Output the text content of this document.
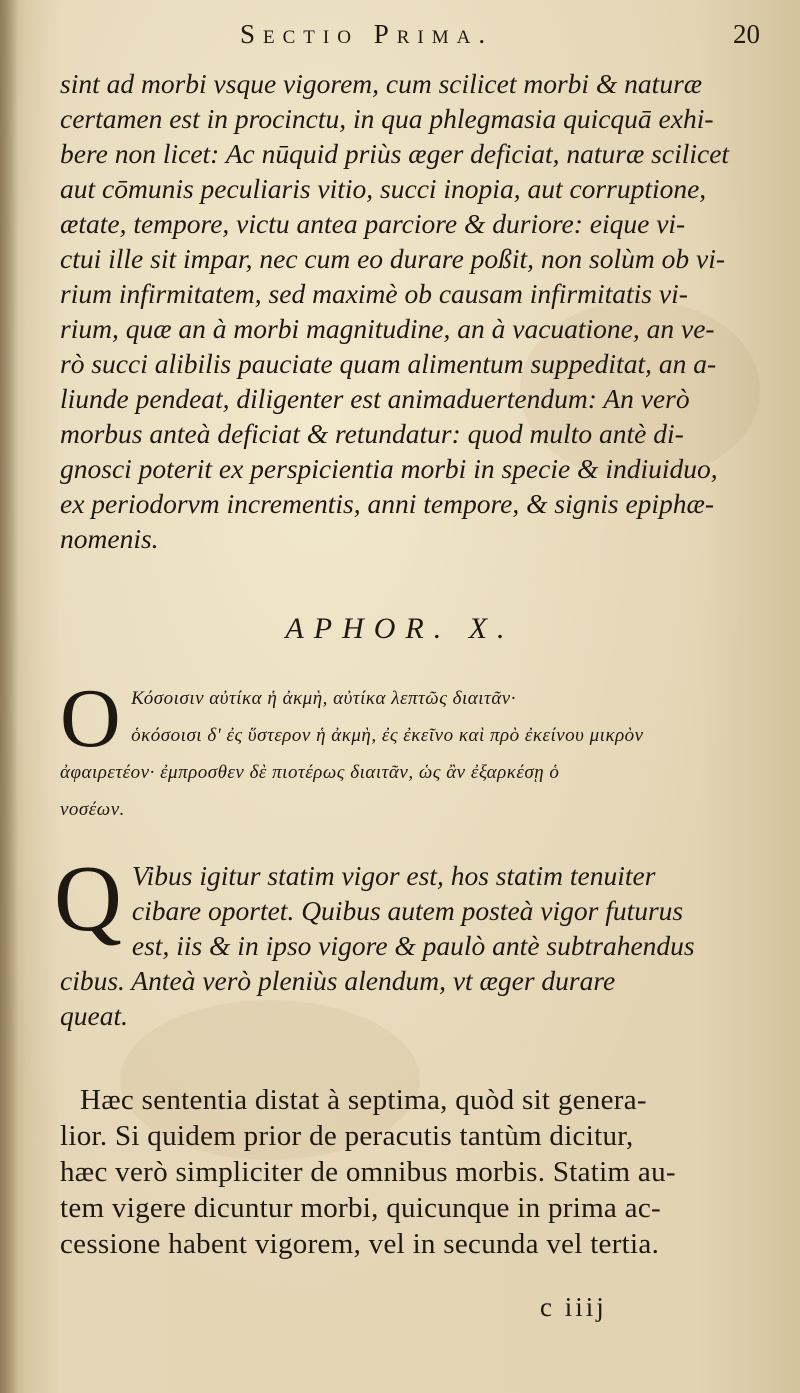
Sectio Prima.	20
sint ad morbi vsque vigorem, cum scilicet morbi & naturæ
certamen est in procinctu, in qua phlegmasia quicquā exhi-
bere non licet: Ac nūquid priùs æger deficiat, naturæ scilicet
aut cōmunis peculiaris vitio, succi inopia, aut corruptione,
ætate, tempore, victu antea parciore & duriore: eique vi-
ctui ille sit impar, nec cum eo durare poßit, non solùm ob vi-
rium infirmitatem, sed maximè ob causam infirmitatis vi-
rium, quæ an à morbi magnitudine, an à vacuatione, an ve-
rò succi alibilis pauciate quam alimentum suppeditat, an a-
liunde pendeat, diligenter est animaduertendum: An verò
morbus anteà deficiat & retundatur: quod multo antè di-
gnosci poterit ex perspicientia morbi in specie & indiuiduo,
ex periodorvm incrementis, anni tempore, & signis epiphæ-
nomenis.
APHOR. X.
O Κόσοισιν αὐτίκα ἡ ἀκμὴ, αὐτίκα λεπτῶς διαιτᾶν·
ὁκόσοισι δ' ἐς ὕστερον ἡ ἀκμὴ, ἐς ἐκεῖνο καὶ πρὸ ἐκείνου μικρὸν
ἀφαιρετέον· ἐμπροσθεν δὲ πιοτέρως διαιτᾶν, ὡς ἂν ἐξαρκέσῃ ὁ
νοσέων.
Q Vibus igitur statim vigor est, hos statim tenuiter
cibare oportet. Quibus autem posteà vigor futurus
est, iis & in ipso vigore & paulò antè subtrahendus
cibus. Anteà verò pleniùs alendum, vt æger durare
queat.
Hæc sententia distat à septima, quòd sit genera-
lior. Si quidem prior de peracutis tantùm dicitur,
hæc verò simpliciter de omnibus morbis. Statim au-
tem vigere dicuntur morbi, quicunque in prima ac-
cessione habent vigorem, vel in secunda vel tertia.
c iiij
